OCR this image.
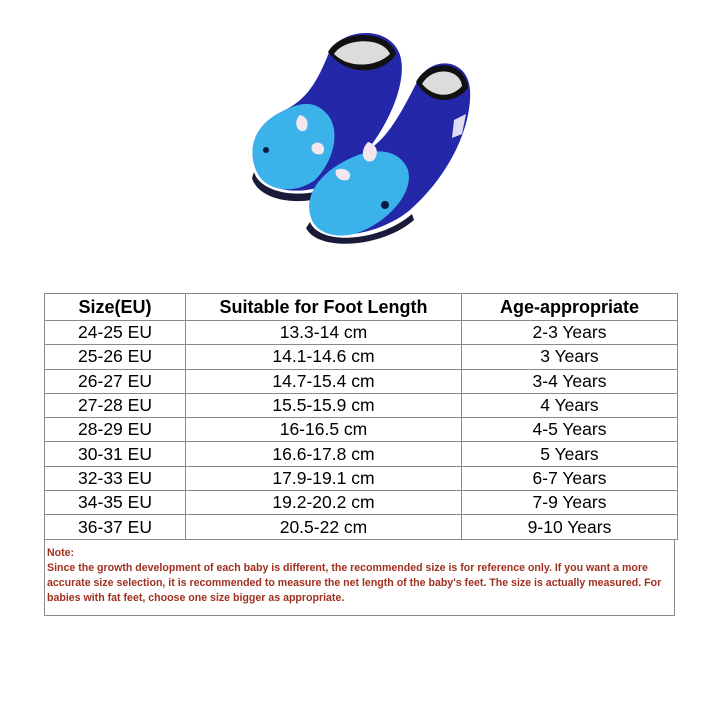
Size(EU)	Suitable for Foot Length	Age-appropriate
24-25 EU	13.3-14 cm	2-3 Years
25-26 EU	14.1-14.6 cm	3 Years
26-27 EU	14.7-15.4 cm	3-4 Years
27-28 EU	15.5-15.9 cm	4 Years
28-29 EU	16-16.5 cm	4-5 Years
30-31 EU	16.6-17.8 cm	5 Years
32-33 EU	17.9-19.1 cm	6-7 Years
34-35 EU	19.2-20.2 cm	7-9 Years
36-37 EU	20.5-22 cm	9-10 Years

Note:

Since the growth development of each baby is different, the recommended size is for reference only. If you want a more accurate size selection, it is recommended to measure the net length of the baby's feet. The size is actually measured. For babies with fat feet, choose one size bigger as appropriate.
